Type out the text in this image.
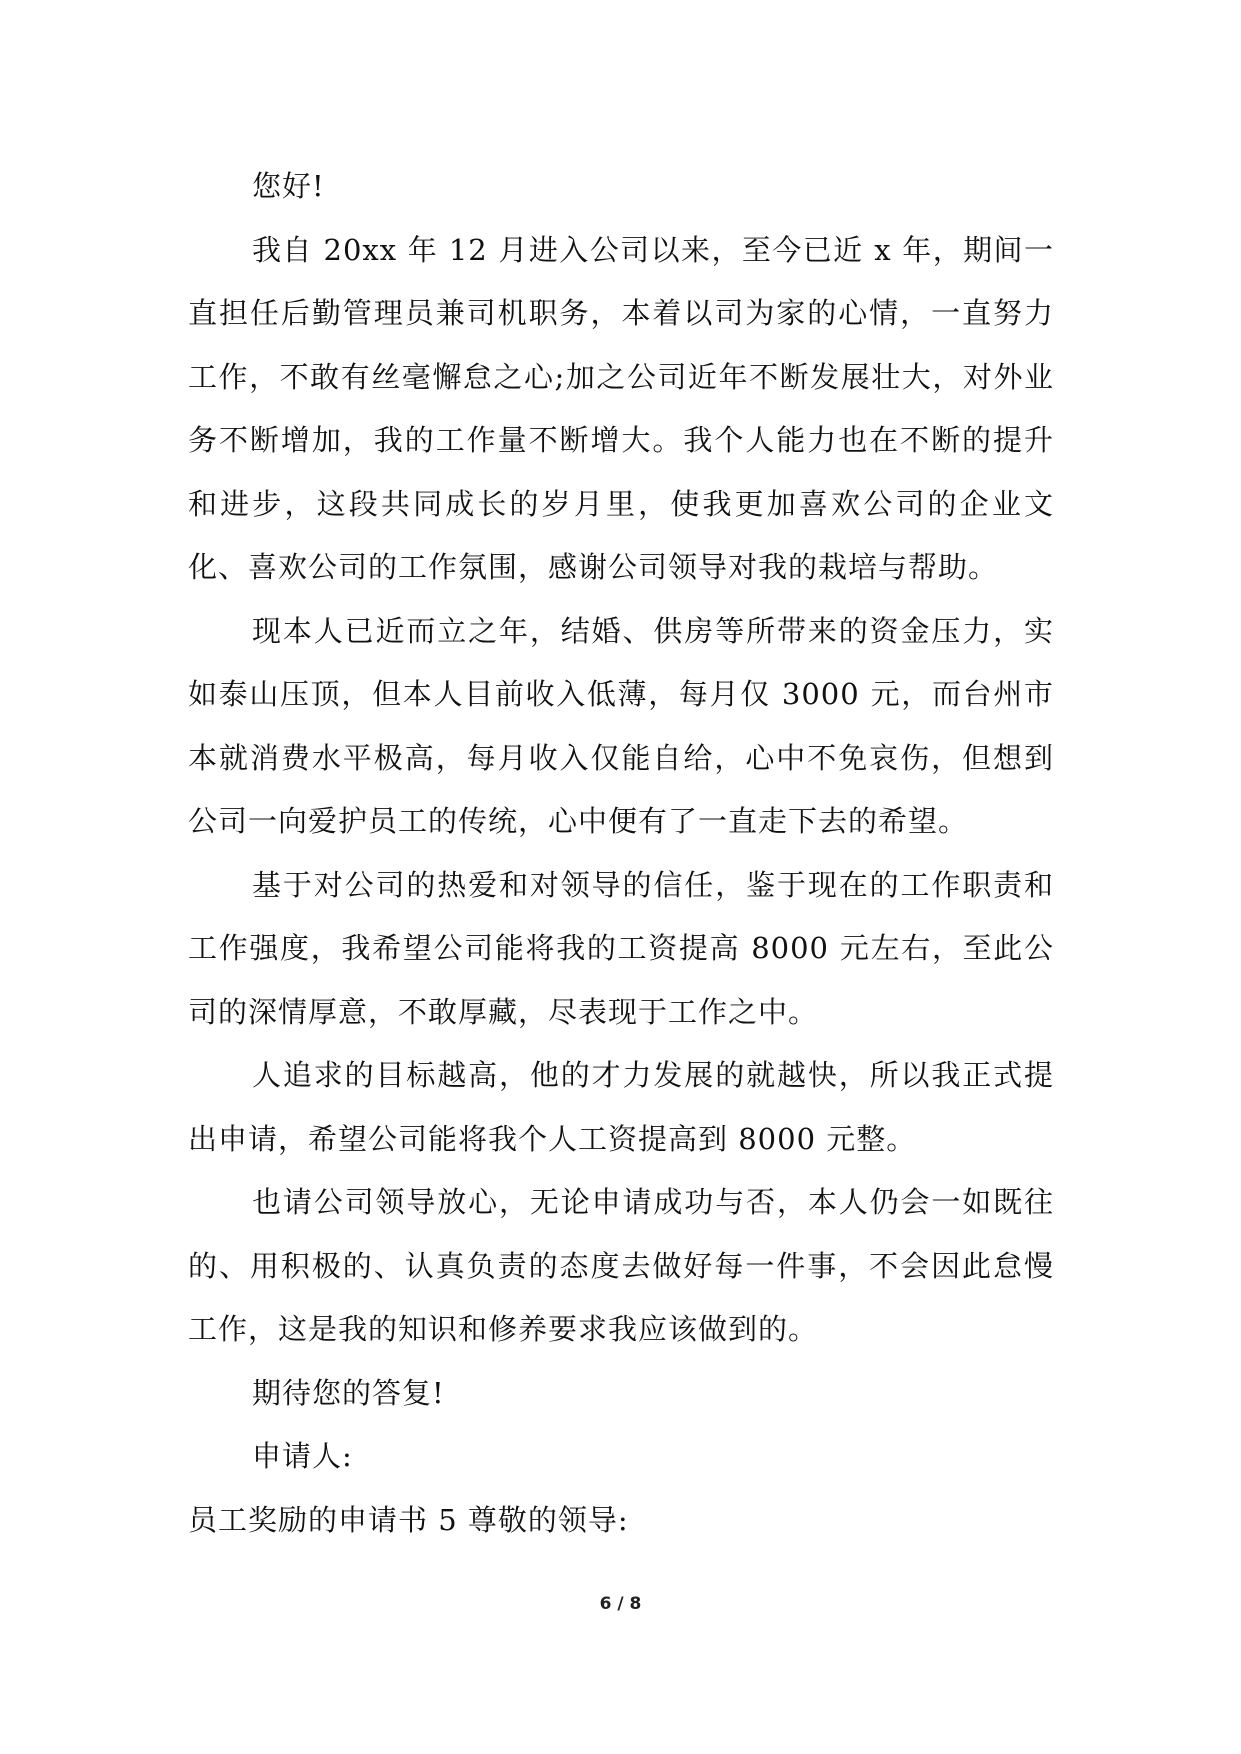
您好!

我自 20xx 年 12 月进入公司以来，至今已近 x 年，期间一直担任后勤管理员兼司机职务，本着以司为家的心情，一直努力工作，不敢有丝毫懈怠之心;加之公司近年不断发展壮大，对外业务不断增加，我的工作量不断增大。我个人能力也在不断的提升和进步，这段共同成长的岁月里，使我更加喜欢公司的企业文化、喜欢公司的工作氛围，感谢公司领导对我的栽培与帮助。

现本人已近而立之年，结婚、供房等所带来的资金压力，实如泰山压顶，但本人目前收入低薄，每月仅 3000 元，而台州市本就消费水平极高，每月收入仅能自给，心中不免哀伤，但想到公司一向爱护员工的传统，心中便有了一直走下去的希望。

基于对公司的热爱和对领导的信任，鉴于现在的工作职责和工作强度，我希望公司能将我的工资提高 8000 元左右，至此公司的深情厚意，不敢厚藏，尽表现于工作之中。

人追求的目标越高，他的才力发展的就越快，所以我正式提出申请，希望公司能将我个人工资提高到 8000 元整。

也请公司领导放心，无论申请成功与否，本人仍会一如既往的、用积极的、认真负责的态度去做好每一件事，不会因此怠慢工作，这是我的知识和修养要求我应该做到的。

期待您的答复!

申请人:

员工奖励的申请书 5 尊敬的领导:

6 / 8
